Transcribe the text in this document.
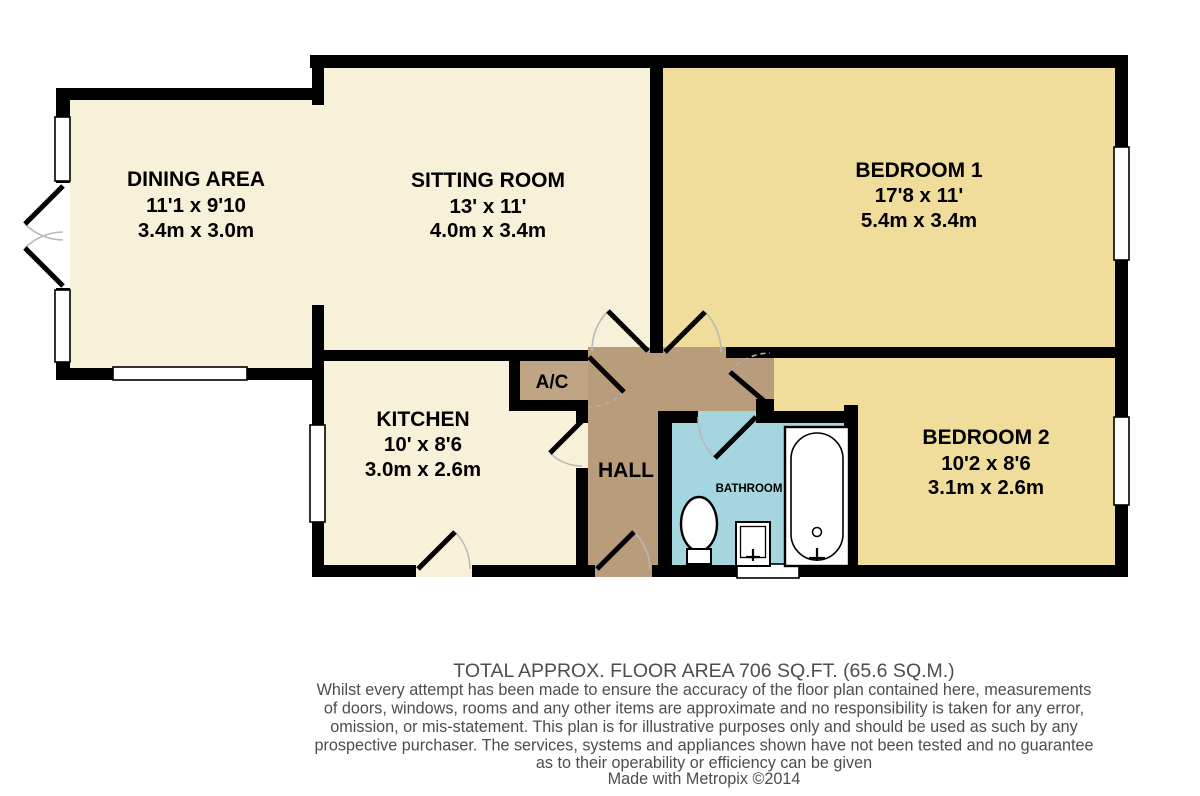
DINING AREA
11'1 x 9'10
3.4m x 3.0m
SITTING ROOM
13' x 11'
4.0m x 3.4m
BEDROOM 1
17'8 x 11'
5.4m x 3.4m
KITCHEN
10' x 8'6
3.0m x 2.6m
BEDROOM 2
10'2 x 8'6
3.1m x 2.6m
A/C
HALL
BATHROOM
TOTAL APPROX. FLOOR AREA 706 SQ.FT. (65.6 SQ.M.)
Whilst every attempt has been made to ensure the accuracy of the floor plan contained here, measurements
of doors, windows, rooms and any other items are approximate and no responsibility is taken for any error,
omission, or mis-statement. This plan is for illustrative purposes only and should be used as such by any
prospective purchaser. The services, systems and appliances shown have not been tested and no guarantee
as to their operability or efficiency can be given
Made with Metropix ©2014
